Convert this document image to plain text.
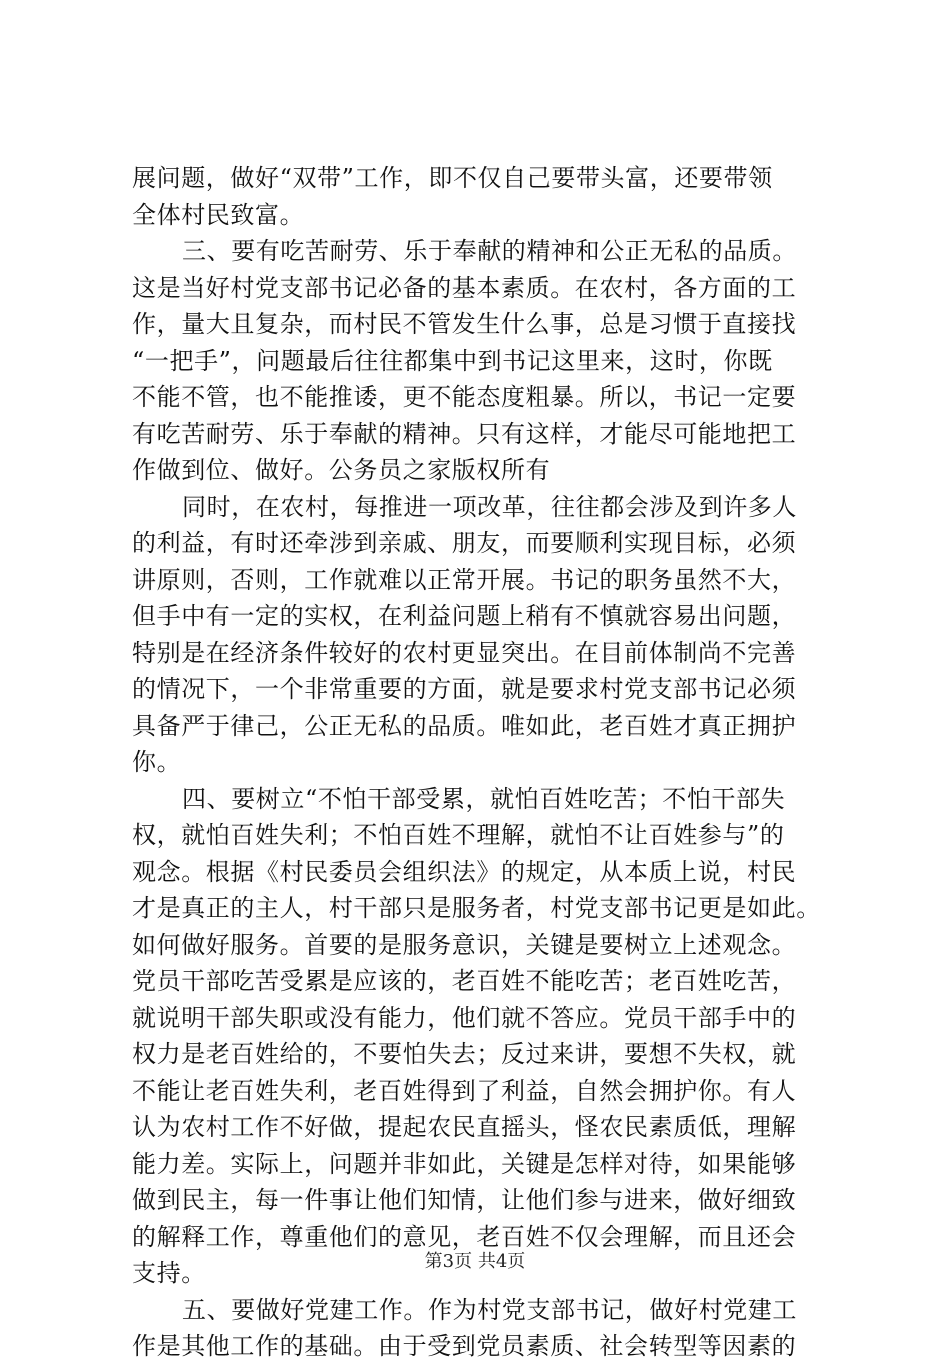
展问题，做好“双带”工作，即不仅自己要带头富，还要带领
全体村民致富。
三、要有吃苦耐劳、乐于奉献的精神和公正无私的品质。
这是当好村党支部书记必备的基本素质。在农村，各方面的工
作，量大且复杂，而村民不管发生什么事，总是习惯于直接找
“一把手”，问题最后往往都集中到书记这里来，这时，你既
不能不管，也不能推诿，更不能态度粗暴。所以，书记一定要
有吃苦耐劳、乐于奉献的精神。只有这样，才能尽可能地把工
作做到位、做好。公务员之家版权所有
同时，在农村，每推进一项改革，往往都会涉及到许多人
的利益，有时还牵涉到亲戚、朋友，而要顺利实现目标，必须
讲原则，否则，工作就难以正常开展。书记的职务虽然不大，
但手中有一定的实权，在利益问题上稍有不慎就容易出问题，
特别是在经济条件较好的农村更显突出。在目前体制尚不完善
的情况下，一个非常重要的方面，就是要求村党支部书记必须
具备严于律己，公正无私的品质。唯如此，老百姓才真正拥护
你。
四、要树立“不怕干部受累，就怕百姓吃苦；不怕干部失
权，就怕百姓失利；不怕百姓不理解，就怕不让百姓参与”的
观念。根据《村民委员会组织法》的规定，从本质上说，村民
才是真正的主人，村干部只是服务者，村党支部书记更是如此。
如何做好服务。首要的是服务意识，关键是要树立上述观念。
党员干部吃苦受累是应该的，老百姓不能吃苦；老百姓吃苦，
就说明干部失职或没有能力，他们就不答应。党员干部手中的
权力是老百姓给的，不要怕失去；反过来讲，要想不失权，就
不能让老百姓失利，老百姓得到了利益，自然会拥护你。有人
认为农村工作不好做，提起农民直摇头，怪农民素质低，理解
能力差。实际上，问题并非如此，关键是怎样对待，如果能够
做到民主，每一件事让他们知情，让他们参与进来，做好细致
的解释工作，尊重他们的意见，老百姓不仅会理解，而且还会
支持。
五、要做好党建工作。作为村党支部书记，做好村党建工
作是其他工作的基础。由于受到党员素质、社会转型等因素的
第3页 共4页
